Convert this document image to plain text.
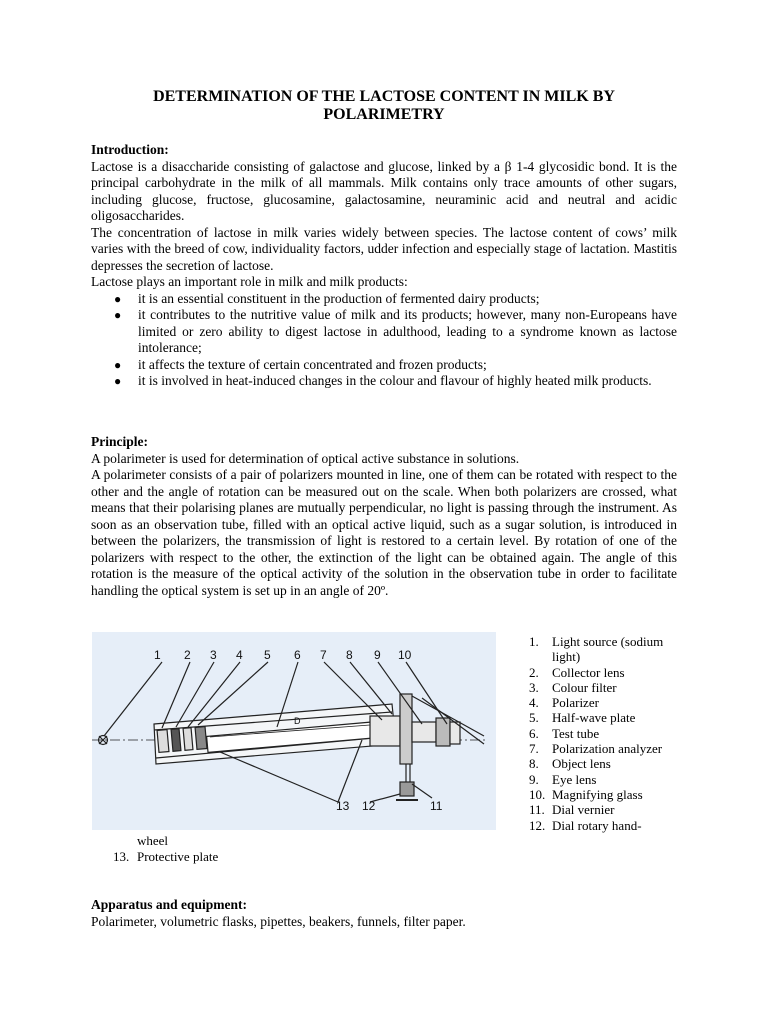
DETERMINATION OF THE LACTOSE CONTENT IN MILK BY POLARIMETRY

Introduction:

Lactose is a disaccharide consisting of galactose and glucose, linked by a β 1-4 glycosidic bond. It is the principal carbohydrate in the milk of all mammals. Milk contains only trace amounts of other sugars, including glucose, fructose, glucosamine, galactosamine, neuraminic acid and neutral and acidic oligosaccharides.

The concentration of lactose in milk varies widely between species. The lactose content of cows’ milk varies with the breed of cow, individuality factors, udder infection and especially stage of lactation. Mastitis depresses the secretion of lactose.

Lactose plays an important role in milk and milk products:

● it is an essential constituent in the production of fermented dairy products;
● it contributes to the nutritive value of milk and its products; however, many non-Europeans have limited or zero ability to digest lactose in adulthood, leading to a syndrome known as lactose intolerance;
● it affects the texture of certain concentrated and frozen products;
● it is involved in heat-induced changes in the colour and flavour of highly heated milk products.

Principle:

A polarimeter is used for determination of optical active substance in solutions.

A polarimeter consists of a pair of polarizers mounted in line, one of them can be rotated with respect to the other and the angle of rotation can be measured out on the scale. When both polarizers are crossed, what means that their polarising planes are mutually perpendicular, no light is passing through the instrument. As soon as an observation tube, filled with an optical active liquid, such as a sugar solution, is introduced in between the polarizers, the transmission of light is restored to a certain level. By rotation of one of the polarizers with respect to the other, the extinction of the light can be obtained again. The angle of this rotation is the measure of the optical activity of the solution in the observation tube in order to facilitate handling the optical system is set up in an angle of 20º.

1 2 3 4 5 6 7 8 9 10
11
12
13
D
1. Light source (sodium light)
2. Collector lens
3. Colour filter
4. Polarizer
5. Half-wave plate
6. Test tube
7. Polarization analyzer
8. Object lens
9. Eye lens
10. Magnifying glass
11. Dial vernier
12. Dial rotary hand-
wheel
13. Protective plate

Apparatus and equipment:

Polarimeter, volumetric flasks, pipettes, beakers, funnels, filter paper.
